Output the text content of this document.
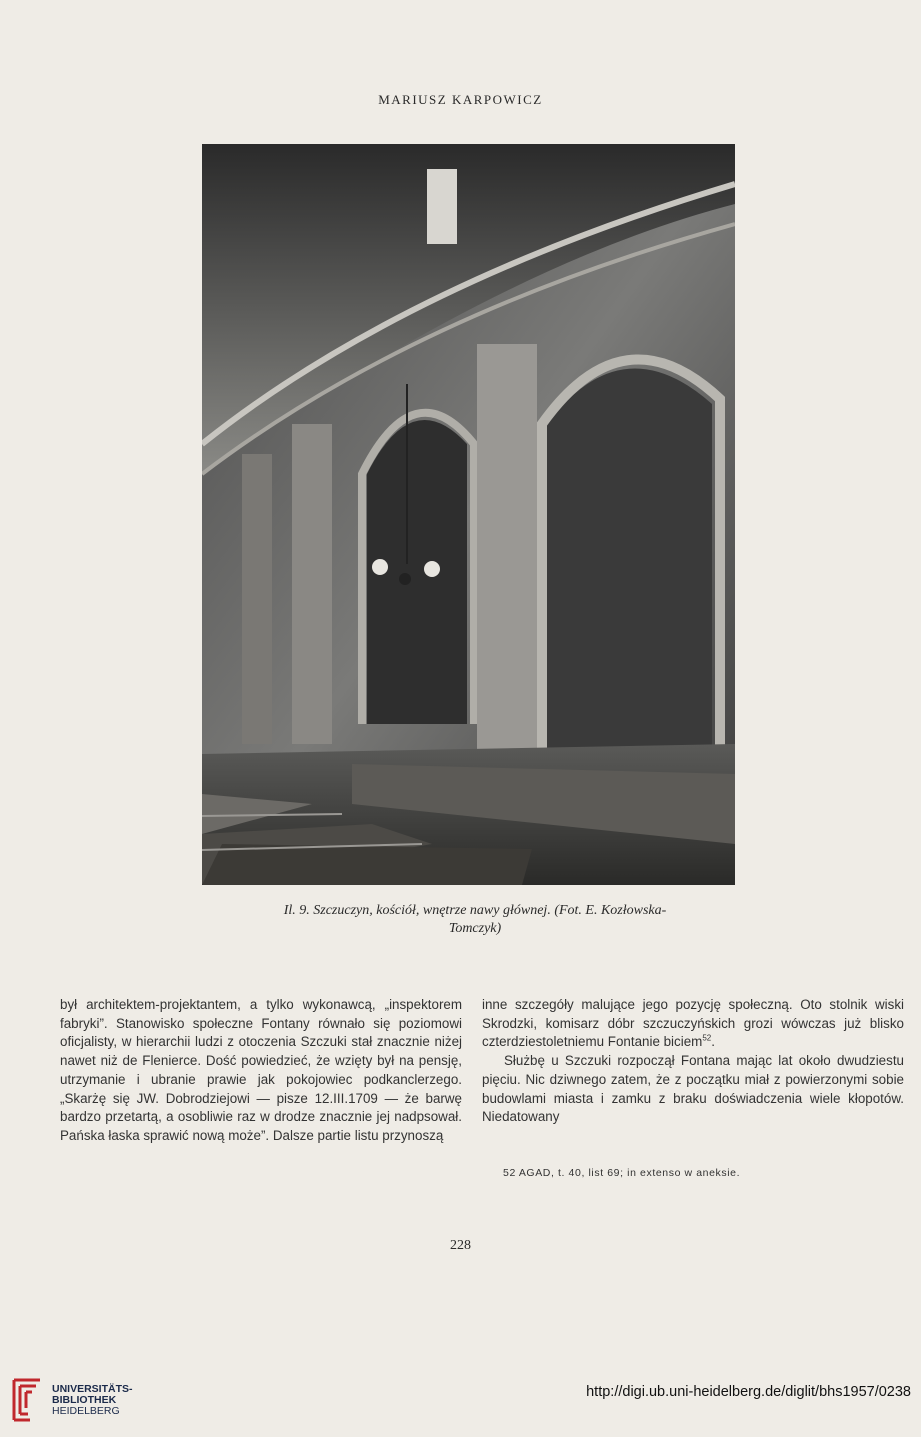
MARIUSZ KARPOWICZ
Il. 9. Szczuczyn, kościół, wnętrze nawy głównej. (Fot. E. Kozłowska-
Tomczyk)

był architektem-projektantem, a tylko wykonawcą, „inspektorem fabryki”. Stanowisko społeczne Fontany równało się poziomowi oficjalisty, w hierarchii ludzi z otoczenia Szczuki stał znacznie niżej nawet niż de Flenierce. Dość powiedzieć, że wzięty był na pensję, utrzymanie i ubranie prawie jak pokojowiec podkanclerzego. „Skarżę się JW. Dobrodziejowi — pisze 12.III.1709 — że barwę bardzo przetartą, a osobliwie raz w drodze znacznie jej nadpsował. Pańska łaska sprawić nową może”. Dalsze partie listu przynoszą

inne szczegóły malujące jego pozycję społeczną. Oto stolnik wiski Skrodzki, komisarz dóbr szczuczyńskich grozi wówczas już blisko czterdziestoletniemu Fontanie biciem$^{52}$.

Służbę u Szczuki rozpoczął Fontana mając lat około dwudziestu pięciu. Nic dziwnego zatem, że z początku miał z powierzonymi sobie budowlami miasta i zamku z braku doświadczenia wiele kłopotów. Niedatowany

52 AGAD, t. 40, list 69; in extenso w aneksie.
228
UNIVERSITÄTS-
BIBLIOTHEK
HEIDELBERG
http://digi.ub.uni-heidelberg.de/diglit/bhs1957/0238
